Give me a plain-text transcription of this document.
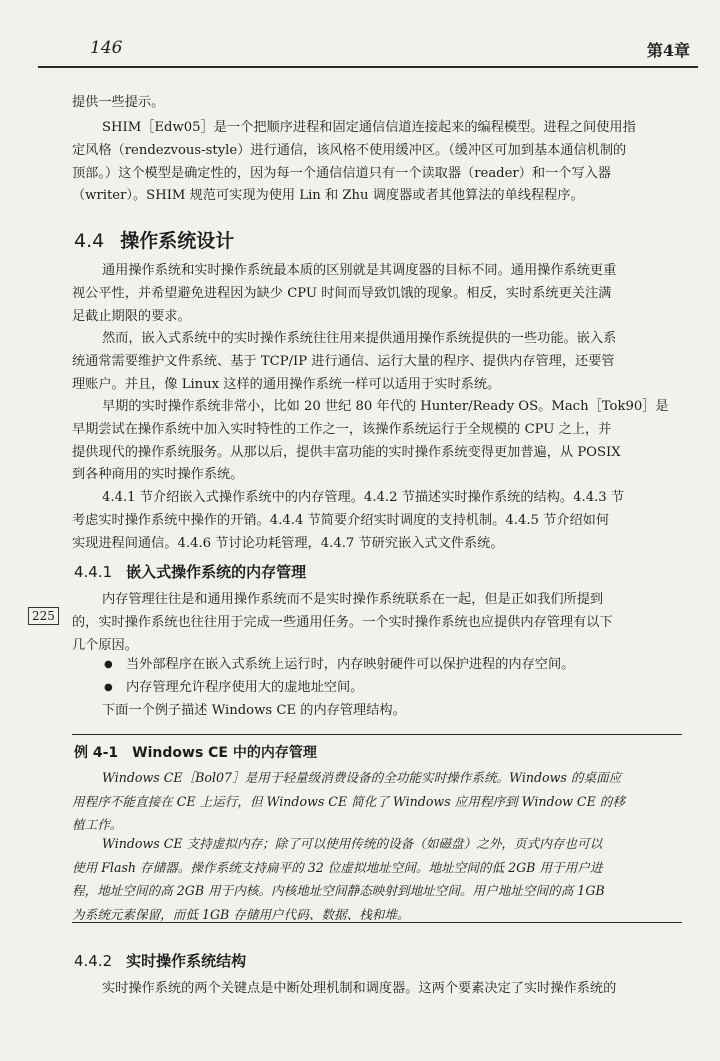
146	第4章

提供一些提示。

SHIM［Edw05］是一个把顺序进程和固定通信信道连接起来的编程模型。进程之间使用指
定风格（rendezvous-style）进行通信，该风格不使用缓冲区。（缓冲区可加到基本通信机制的
顶部。）这个模型是确定性的，因为每一个通信信道只有一个读取器（reader）和一个写入器
（writer）。SHIM 规范可实现为使用 Lin 和 Zhu 调度器或者其他算法的单线程程序。

4.4 操作系统设计

通用操作系统和实时操作系统最本质的区别就是其调度器的目标不同。通用操作系统更重
视公平性，并希望避免进程因为缺少 CPU 时间而导致饥饿的现象。相反，实时系统更关注满
足截止期限的要求。

然而，嵌入式系统中的实时操作系统往往用来提供通用操作系统提供的一些功能。嵌入系
统通常需要维护文件系统、基于 TCP/IP 进行通信、运行大量的程序、提供内存管理，还要管
理账户。并且，像 Linux 这样的通用操作系统一样可以适用于实时系统。

早期的实时操作系统非常小，比如 20 世纪 80 年代的 Hunter/Ready OS。Mach［Tok90］是
早期尝试在操作系统中加入实时特性的工作之一，该操作系统运行于全规模的 CPU 之上，并
提供现代的操作系统服务。从那以后，提供丰富功能的实时操作系统变得更加普遍，从 POSIX
到各种商用的实时操作系统。

4.4.1 节介绍嵌入式操作系统中的内存管理。4.4.2 节描述实时操作系统的结构。4.4.3 节
考虑实时操作系统中操作的开销。4.4.4 节简要介绍实时调度的支持机制。4.4.5 节介绍如何
实现进程间通信。4.4.6 节讨论功耗管理，4.4.7 节研究嵌入式文件系统。

4.4.1 嵌入式操作系统的内存管理
225

内存管理往往是和通用操作系统而不是实时操作系统联系在一起，但是正如我们所提到
的，实时操作系统也往往用于完成一些通用任务。一个实时操作系统也应提供内存管理有以下
几个原因。

● 当外部程序在嵌入式系统上运行时，内存映射硬件可以保护进程的内存空间。
● 内存管理允许程序使用大的虚地址空间。

下面一个例子描述 Windows CE 的内存管理结构。

例 4-1 Windows CE 中的内存管理

Windows CE［Bol07］是用于轻量级消费设备的全功能实时操作系统。Windows 的桌面应
用程序不能直接在 CE 上运行，但 Windows CE 简化了 Windows 应用程序到 Window CE 的移
植工作。

Windows CE 支持虚拟内存；除了可以使用传统的设备（如磁盘）之外，页式内存也可以
使用 Flash 存储器。操作系统支持扁平的 32 位虚拟地址空间。地址空间的低 2GB 用于用户进
程，地址空间的高 2GB 用于内核。内核地址空间静态映射到地址空间。用户地址空间的高 1GB
为系统元素保留，而低 1GB 存储用户代码、数据、栈和堆。

4.4.2 实时操作系统结构

实时操作系统的两个关键点是中断处理机制和调度器。这两个要素决定了实时操作系统的
